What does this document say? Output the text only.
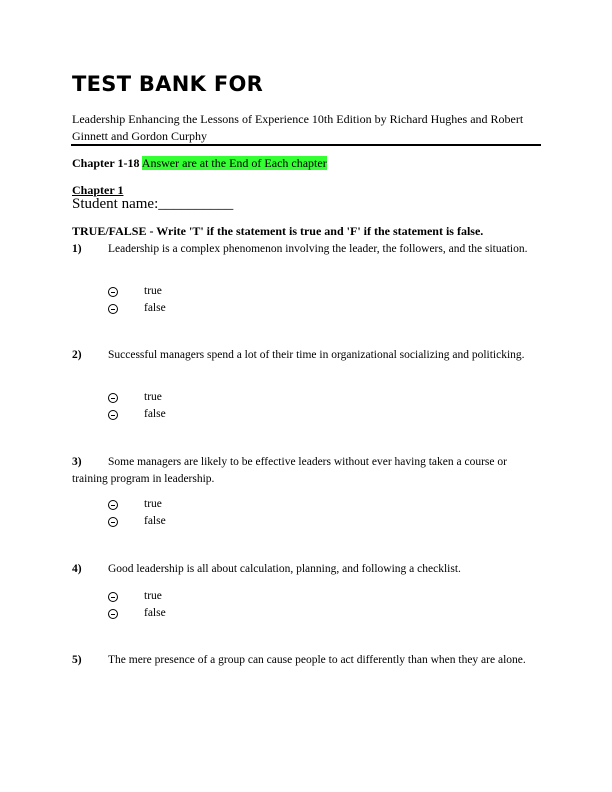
TEST BANK FOR

Leadership Enhancing the Lessons of Experience 10th Edition by Richard Hughes and Robert Ginnett and Gordon Curphy

Chapter 1-18 Answer are at the End of Each chapter

Chapter 1

Student name:__________

TRUE/FALSE - Write 'T' if the statement is true and 'F' if the statement is false.

1) Leadership is a complex phenomenon involving the leader, the followers, and the situation.

true
false

2) Successful managers spend a lot of their time in organizational socializing and politicking.

true
false

3) Some managers are likely to be effective leaders without ever having taken a course or training program in leadership.

true
false

4) Good leadership is all about calculation, planning, and following a checklist.

true
false

5) The mere presence of a group can cause people to act differently than when they are alone.
